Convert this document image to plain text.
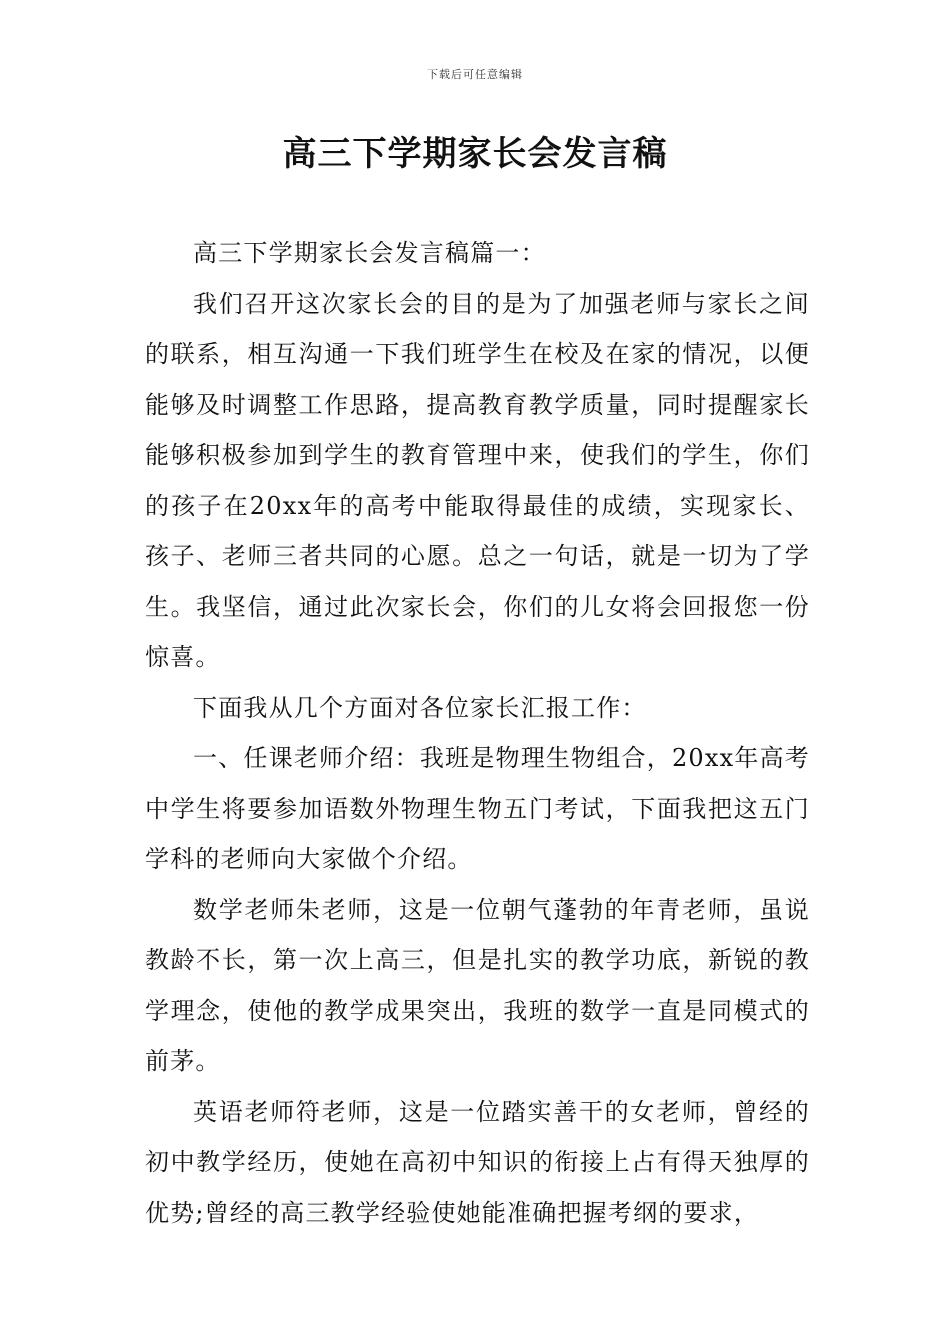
下载后可任意编辑
高三下学期家长会发言稿

高三下学期家长会发言稿篇一：

我们召开这次家长会的目的是为了加强老师与家长之间的联系，相互沟通一下我们班学生在校及在家的情况，以便能够及时调整工作思路，提高教育教学质量，同时提醒家长能够积极参加到学生的教育管理中来，使我们的学生，你们的孩子在20xx年的高考中能取得最佳的成绩，实现家长、孩子、老师三者共同的心愿。总之一句话，就是一切为了学生。我坚信，通过此次家长会，你们的儿女将会回报您一份惊喜。

下面我从几个方面对各位家长汇报工作：

一、任课老师介绍：我班是物理生物组合，20xx年高考中学生将要参加语数外物理生物五门考试，下面我把这五门学科的老师向大家做个介绍。

数学老师朱老师，这是一位朝气蓬勃的年青老师，虽说教龄不长，第一次上高三，但是扎实的教学功底，新锐的教学理念，使他的教学成果突出，我班的数学一直是同模式的前茅。

英语老师符老师，这是一位踏实善干的女老师，曾经的初中教学经历，使她在高初中知识的衔接上占有得天独厚的优势;曾经的高三教学经验使她能准确把握考纲的要求，
